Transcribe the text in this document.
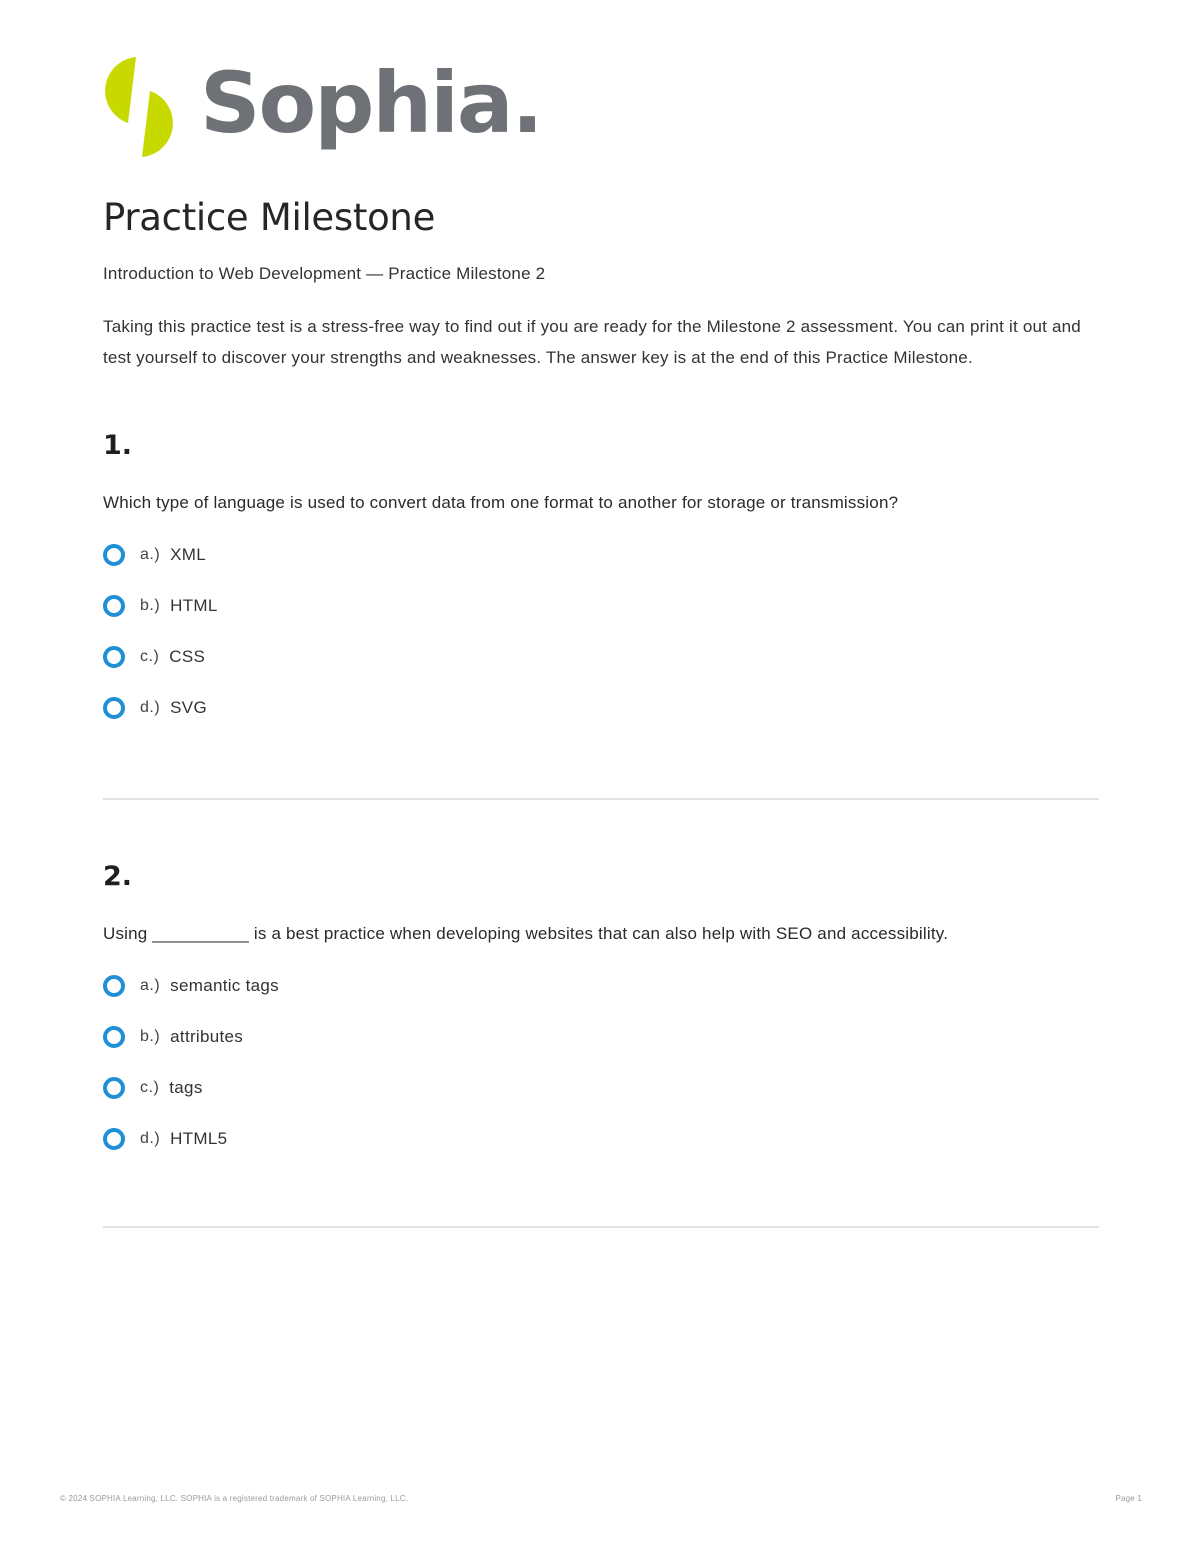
Sophia.
Practice Milestone
Introduction to Web Development — Practice Milestone 2
Taking this practice test is a stress-free way to find out if you are ready for the Milestone 2 assessment. You can print it out and test yourself to discover your strengths and weaknesses. The answer key is at the end of this Practice Milestone.
1.
Which type of language is used to convert data from one format to another for storage or transmission?
a.) XML
b.) HTML
c.) CSS
d.) SVG
2.
Using __________ is a best practice when developing websites that can also help with SEO and accessibility.
a.) semantic tags
b.) attributes
c.) tags
d.) HTML5
© 2024 SOPHIA Learning, LLC. SOPHIA is a registered trademark of SOPHIA Learning, LLC.	Page 1
